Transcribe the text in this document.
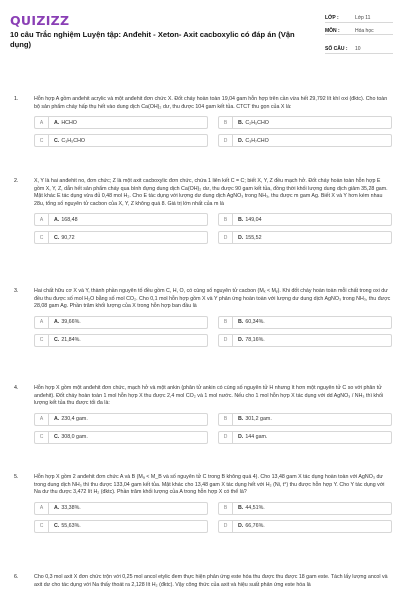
QUIZIZZ
10 câu Trắc nghiệm Luyện tập: Anđehit - Xeton- Axit cacboxylic có đáp án (Vận dụng)
LỚP :	Lớp 11
MÔN :	Hóa học
SỐ CÂU :	10
1.	Hỗn hợp A gồm anđehit acrylic và một anđehit đơn chức X. Đốt cháy hoàn toàn 19,04 gam hỗn hợp trên cần vừa hết 29,792 lít khí oxi (đktc). Cho toàn bộ sản phẩm cháy hấp thụ hết vào dung dịch Ca(OH)₂ dư, thu được 104 gam kết tủa. CTCT thu gọn của X là:
A	A. HCHO	B	B. C₂H₅CHO
C	C. C₃H₅CHO	D	D. C₃H₇CHO
2.	X, Y là hai anđehit no, đơn chức; Z là một axit cacboxylic đơn chức, chứa 1 liên kết C = C; biết X, Y, Z đều mạch hở. Đốt cháy hoàn toàn hỗn hợp E gồm X, Y, Z, dẫn hết sản phẩm cháy qua bình đựng dung dịch Ca(OH)₂ dư, thu được 90 gam kết tủa, đồng thời khối lượng dung dịch giảm 35,28 gam. Mặt khác E tác dụng vừa đủ 0,48 mol H₂. Cho E tác dụng với lượng dư dung dịch AgNO₃ trong NH₃, thu được m gam Ag. Biết X và Y hơn kém nhau 28u, tổng số nguyên tử cacbon của X, Y, Z không quá 8. Giá trị lớn nhất của m là
A	A. 168,48	B	B. 149,04
C	C. 90,72	D	D. 155,52
3.	Hai chất hữu cơ X và Y, thành phần nguyên tố đều gồm C, H, O, có cùng số nguyên tử cacbon (Mₓ < Mᵧ). Khi đốt cháy hoàn toàn mỗi chất trong oxi dư đều thu được số mol H₂O bằng số mol CO₂. Cho 0,1 mol hỗn hợp gồm X và Y phản ứng hoàn toàn với lượng dư dung dịch AgNO₃ trong NH₃, thu được 28,08 gam Ag. Phần trăm khối lượng của X trong hỗn hợp ban đầu là
A	A. 39,66%.	B	B. 60,34%.
C	C. 21,84%.	D	D. 78,16%.
4.	Hỗn hợp X gồm một anđehit đơn chức, mạch hở và một ankin (phân tử ankin có cùng số nguyên tử H nhưng ít hơn một nguyên tử C so với phân tử anđehit). Đốt cháy hoàn toàn 1 mol hỗn hợp X thu được 2,4 mol CO₂ và 1 mol nước. Nếu cho 1 mol hỗn hợp X tác dụng với dd AgNO₃ / NH₃ thì khối lượng kết tủa thu được tối đa là:
A	A. 230,4 gam.	B	B. 301,2 gam.
C	C. 308,0 gam.	D	D. 144 gam.
5.	Hỗn hợp X gồm 2 anđehit đơn chức A và B (Mₐ < M_B và số nguyên tử C trong B không quá 4). Cho 13,48 gam X tác dụng hoàn toàn với AgNO₃ dư trong dung dịch NH₃ thì thu được 133,04 gam kết tủa. Mặt khác cho 13,48 gam X tác dụng hết với H₂ (Ni, t°) thu được hỗn hợp Y. Cho Y tác dụng với Na dư thu được 3,472 lít H₂ (đktc). Phần trăm khối lượng của A trong hỗn hợp X có thể là?
A	A. 33,38%.	B	B. 44,51%.
C	C. 55,63%.	D	D. 66,76%.
6.	Cho 0,3 mol axit X đơn chức trộn với 0,25 mol ancol etylic đem thực hiện phản ứng este hóa thu được thu được 18 gam este. Tách lấy lượng ancol và axit dư cho tác dụng với Na thấy thoát ra 2,128 lít H₂ (đktc). Vậy công thức của axit và hiệu suất phản ứng este hóa là
